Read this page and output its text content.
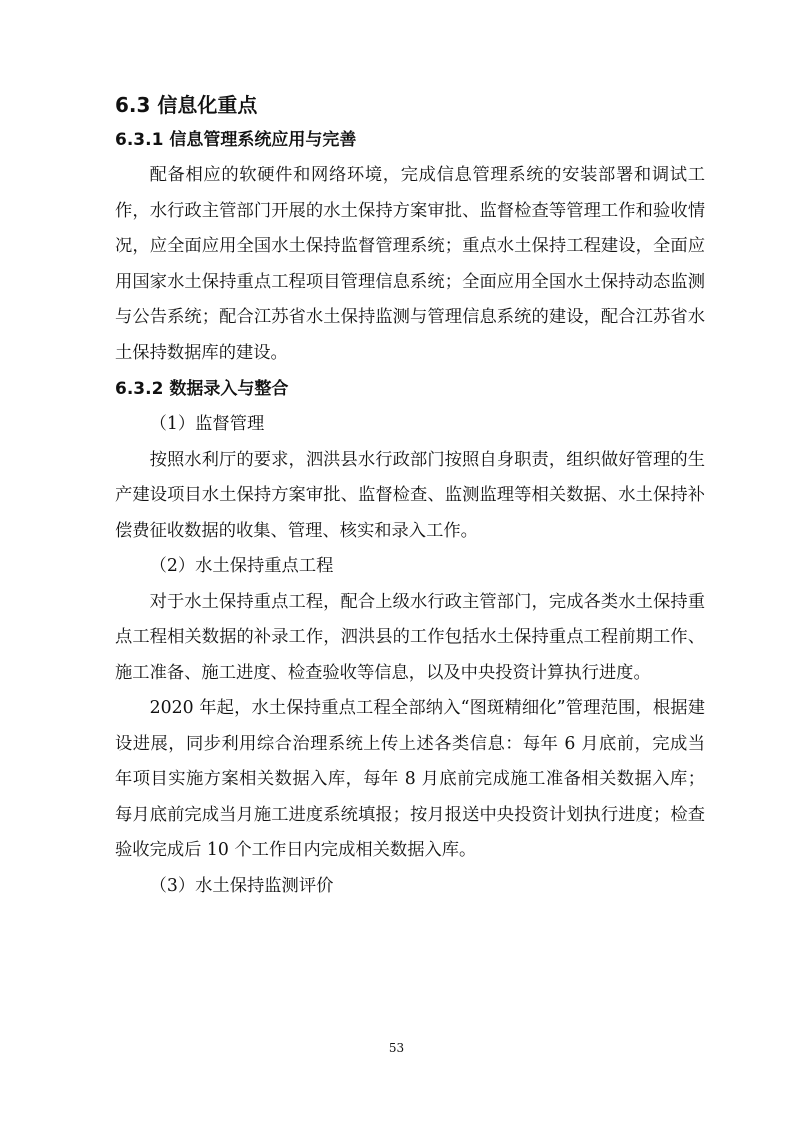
6.3 信息化重点
6.3.1 信息管理系统应用与完善

配备相应的软硬件和网络环境，完成信息管理系统的安装部署和调试工作，水行政主管部门开展的水土保持方案审批、监督检查等管理工作和验收情况，应全面应用全国水土保持监督管理系统；重点水土保持工程建设，全面应用国家水土保持重点工程项目管理信息系统；全面应用全国水土保持动态监测与公告系统；配合江苏省水土保持监测与管理信息系统的建设，配合江苏省水土保持数据库的建设。

6.3.2 数据录入与整合

（1）监督管理

按照水利厅的要求，泗洪县水行政部门按照自身职责，组织做好管理的生产建设项目水土保持方案审批、监督检查、监测监理等相关数据、水土保持补偿费征收数据的收集、管理、核实和录入工作。

（2）水土保持重点工程

对于水土保持重点工程，配合上级水行政主管部门，完成各类水土保持重点工程相关数据的补录工作，泗洪县的工作包括水土保持重点工程前期工作、施工准备、施工进度、检查验收等信息，以及中央投资计算执行进度。

2020 年起，水土保持重点工程全部纳入“图斑精细化”管理范围，根据建设进展，同步利用综合治理系统上传上述各类信息：每年 6 月底前，完成当年项目实施方案相关数据入库，每年 8 月底前完成施工准备相关数据入库；每月底前完成当月施工进度系统填报；按月报送中央投资计划执行进度；检查验收完成后 10 个工作日内完成相关数据入库。

（3）水土保持监测评价

53
